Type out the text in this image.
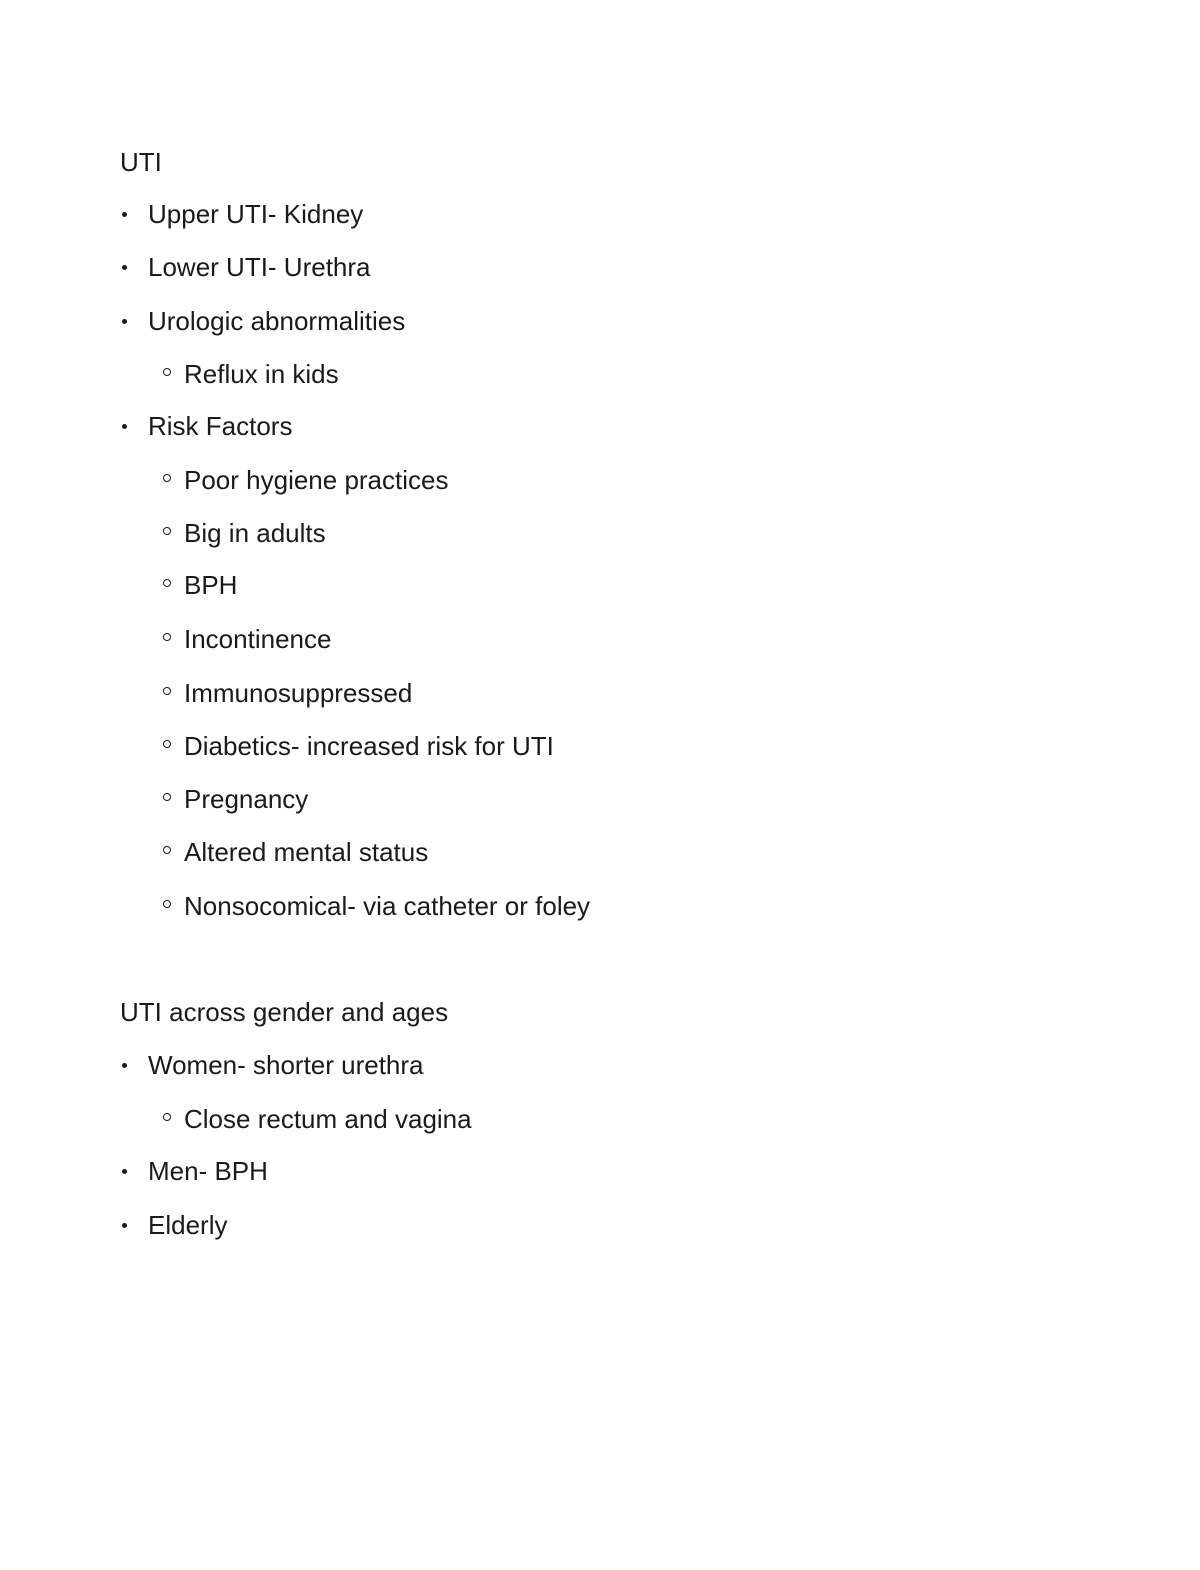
UTI
Upper UTI- Kidney
Lower UTI- Urethra
Urologic abnormalities
Reflux in kids
Risk Factors
Poor hygiene practices
Big in adults
BPH
Incontinence
Immunosuppressed
Diabetics- increased risk for UTI
Pregnancy
Altered mental status
Nonsocomical- via catheter or foley
UTI across gender and ages
Women- shorter urethra
Close rectum and vagina
Men- BPH
Elderly
